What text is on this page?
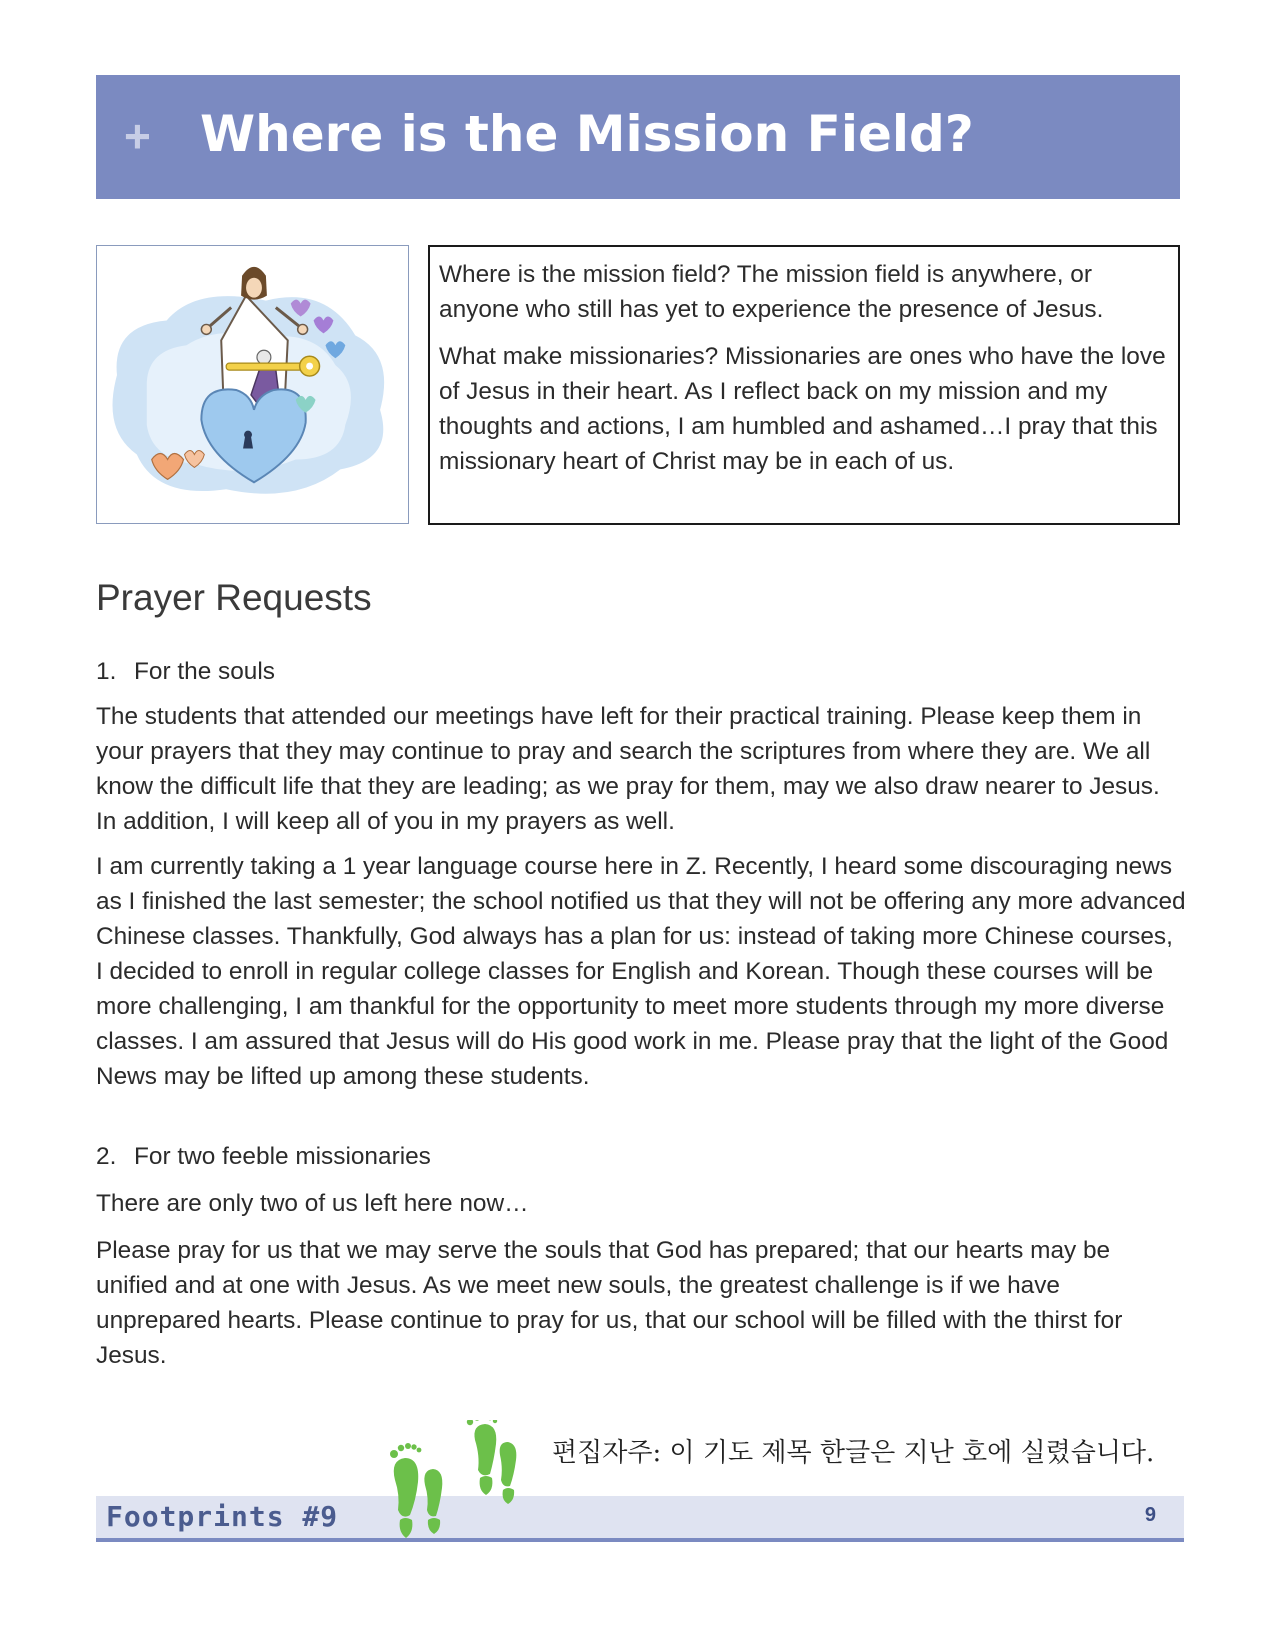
+ Where is the Mission Field?

Where is the mission field? The mission field is anywhere, or anyone who still has yet to experience the presence of Jesus.

What make missionaries? Missionaries are ones who have the love of Jesus in their heart. As I reflect back on my mission and my thoughts and actions, I am humbled and ashamed…I pray that this missionary heart of Christ may be in each of us.

Prayer Requests

1. For the souls

The students that attended our meetings have left for their practical training. Please keep them in your prayers that they may continue to pray and search the scriptures from where they are. We all know the difficult life that they are leading; as we pray for them, may we also draw nearer to Jesus. In addition, I will keep all of you in my prayers as well.

I am currently taking a 1 year language course here in Z. Recently, I heard some discouraging news as I finished the last semester; the school notified us that they will not be offering any more advanced Chinese classes. Thankfully, God always has a plan for us: instead of taking more Chinese courses, I decided to enroll in regular college classes for English and Korean. Though these courses will be more challenging, I am thankful for the opportunity to meet more students through my more diverse classes. I am assured that Jesus will do His good work in me. Please pray that the light of the Good News may be lifted up among these students.

2. For two feeble missionaries

There are only two of us left here now…

Please pray for us that we may serve the souls that God has prepared; that our hearts may be unified and at one with Jesus. As we meet new souls, the greatest challenge is if we have unprepared hearts. Please continue to pray for us, that our school will be filled with the thirst for Jesus.

편집자주: 이 기도 제목 한글은 지난 호에 실렸습니다.
Footprints #9	9
